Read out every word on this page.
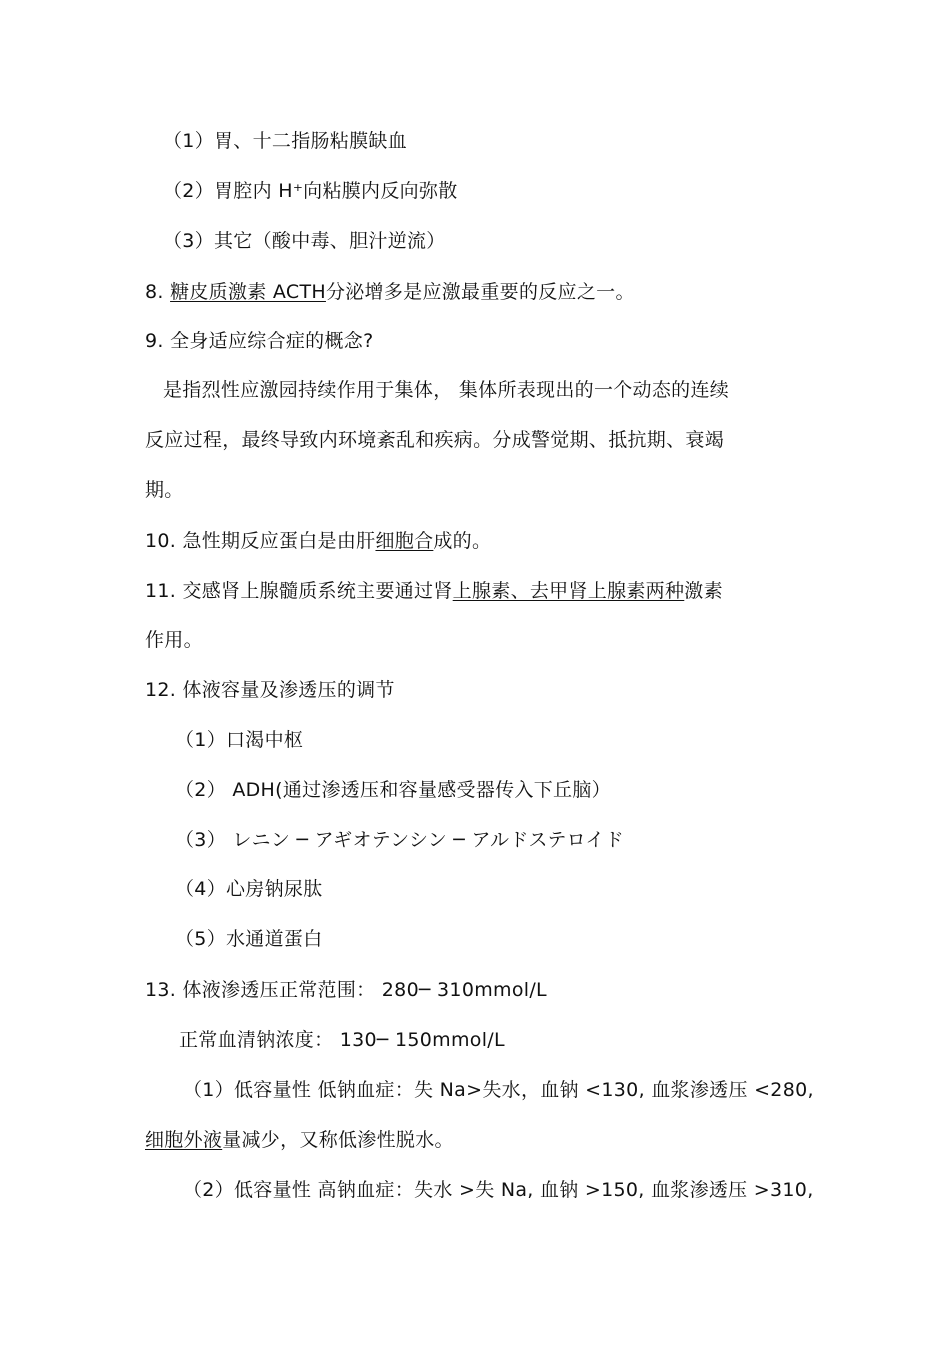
（1）胃、十二指肠粘膜缺血
（2）胃腔内 H⁺向粘膜内反向弥散
（3）其它（酸中毒、胆汁逆流）
8. 糖皮质激素 ACTH分泌增多是应激最重要的反应之一。
9. 全身适应综合症的概念?
是指烈性应激园持续作用于集体， 集体所表现出的一个动态的连续
反应过程，最终导致内环境紊乱和疾病。分成警觉期、抵抗期、衰竭
期。
10. 急性期反应蛋白是由肝细胞合成的。
11. 交感肾上腺髓质系统主要通过肾上腺素、去甲肾上腺素两种激素
作用。
12. 体液容量及渗透压的调节
（1）口渴中枢
（2） ADH(通过渗透压和容量感受器传入下丘脑）
（3） レニン ─ アギオテンシン ─ アルドステロイド
（4）心房钠尿肽
（5）水通道蛋白
13. 体液渗透压正常范围： 280─ 310mmol/L
正常血清钠浓度： 130─ 150mmol/L
（1）低容量性 低钠血症：失 Na>失水，血钠 <130, 血浆渗透压 <280,
细胞外液量减少，又称低渗性脱水。
（2）低容量性 高钠血症：失水 >失 Na, 血钠 >150, 血浆渗透压 >310,
